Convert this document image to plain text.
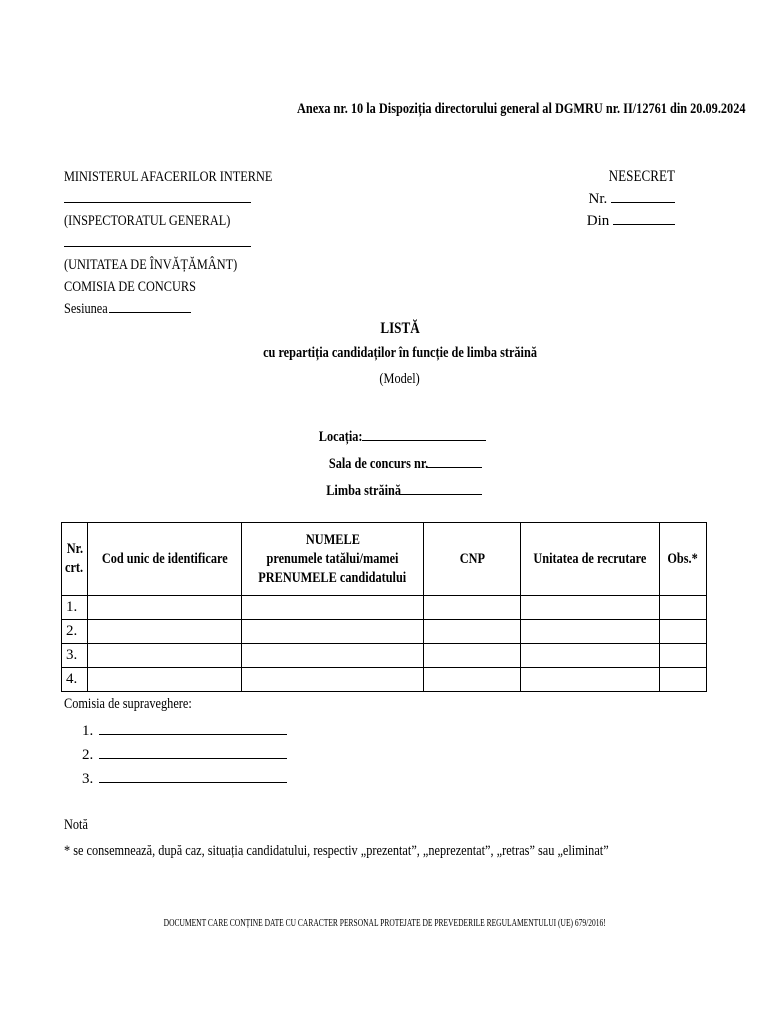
Anexa nr. 10 la Dispoziția directorului general al DGMRU nr. II/12761 din 20.09.2024
MINISTERUL AFACERILOR INTERNE
(INSPECTORATUL GENERAL)
(UNITATEA DE ÎNVĂȚĂMÂNT)
COMISIA DE CONCURS
Sesiunea
NESECRET
Nr.
Din
LISTĂ
cu repartiția candidaților în funcție de limba străină
(Model)
Locația:
Sala de concurs nr.
Limba străină
Nr.
crt.	Cod unic de identificare	NUMELE
prenumele tatălui/mamei
PRENUMELE candidatului	CNP	Unitatea de recrutare	Obs.*
1.					
2.					
3.					
4.					
Comisia de supraveghere:
1.
2.
3.
Notă
* se consemnează, după caz, situația candidatului, respectiv „prezentat”, „neprezentat”, „retras” sau „eliminat”
DOCUMENT CARE CONȚINE DATE CU CARACTER PERSONAL PROTEJATE DE PREVEDERILE REGULAMENTULUI (UE) 679/2016!
